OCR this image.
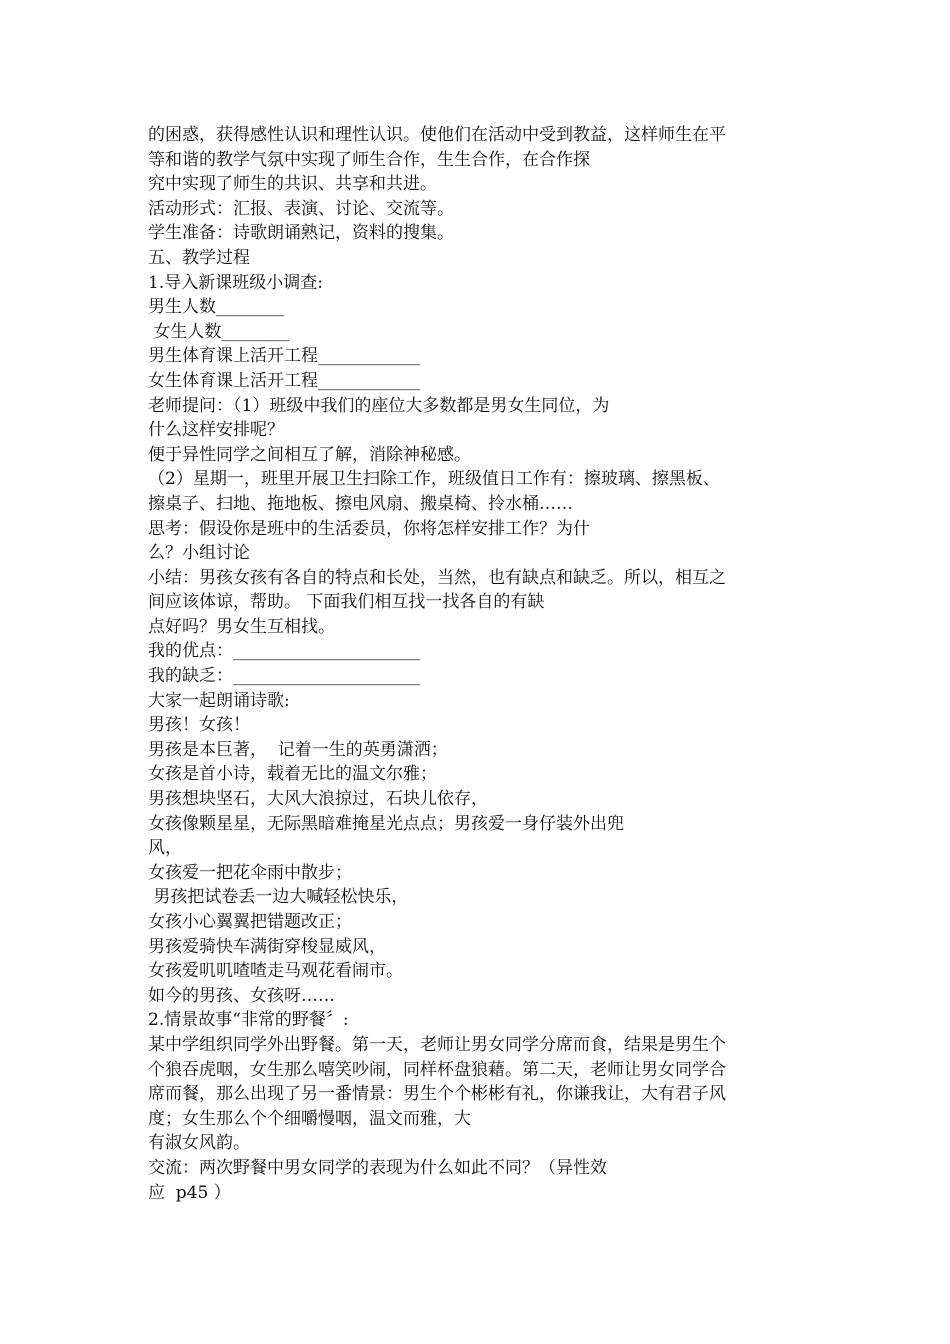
的困惑，获得感性认识和理性认识。使他们在活动中受到教益，这样师生在平
等和谐的教学气氛中实现了师生合作，生生合作，在合作探
究中实现了师生的共识、共享和共进。
活动形式：汇报、表演、讨论、交流等。
学生准备：诗歌朗诵熟记，资料的搜集。
五、教学过程
1.导入新课班级小调查:
男生人数________
女生人数________
男生体育课上活开工程____________
女生体育课上活开工程____________
老师提问：（1）班级中我们的座位大多数都是男女生同位，为
什么这样安排呢？
便于异性同学之间相互了解，消除神秘感。
（2）星期一，班里开展卫生扫除工作，班级值日工作有：擦玻璃、擦黑板、
擦桌子、扫地、拖地板、擦电风扇、搬桌椅、拎水桶……
思考：假设你是班中的生活委员，你将怎样安排工作？为什
么？小组讨论
小结：男孩女孩有各自的特点和长处，当然，也有缺点和缺乏。所以，相互之
间应该体谅，帮助。 下面我们相互找一找各自的有缺
点好吗？男女生互相找。
我的优点：______________________
我的缺乏：______________________
大家一起朗诵诗歌:
男孩！女孩！
男孩是本巨著，  记着一生的英勇潇洒；
女孩是首小诗，载着无比的温文尔雅；
男孩想块坚石，大风大浪掠过，石块儿依存，
女孩像颗星星，无际黑暗难掩星光点点；男孩爱一身仔装外出兜
风，
女孩爱一把花伞雨中散步；
男孩把试卷丢一边大喊轻松快乐，
女孩小心翼翼把错题改正；
男孩爱骑快车满街穿梭显威风，
女孩爱叽叽喳喳走马观花看闹市。
如今的男孩、女孩呀……
2.情景故事“非常的野餐〞:
某中学组织同学外出野餐。第一天，老师让男女同学分席而食，结果是男生个
个狼吞虎咽，女生那么嘻笑吵闹，同样杯盘狼藉。第二天，老师让男女同学合
席而餐，那么出现了另一番情景：男生个个彬彬有礼，你谦我让，大有君子风
度；女生那么个个细嚼慢咽，温文而雅，大
有淑女风韵。
交流：两次野餐中男女同学的表现为什么如此不同？（异性效
应  p45 ）
